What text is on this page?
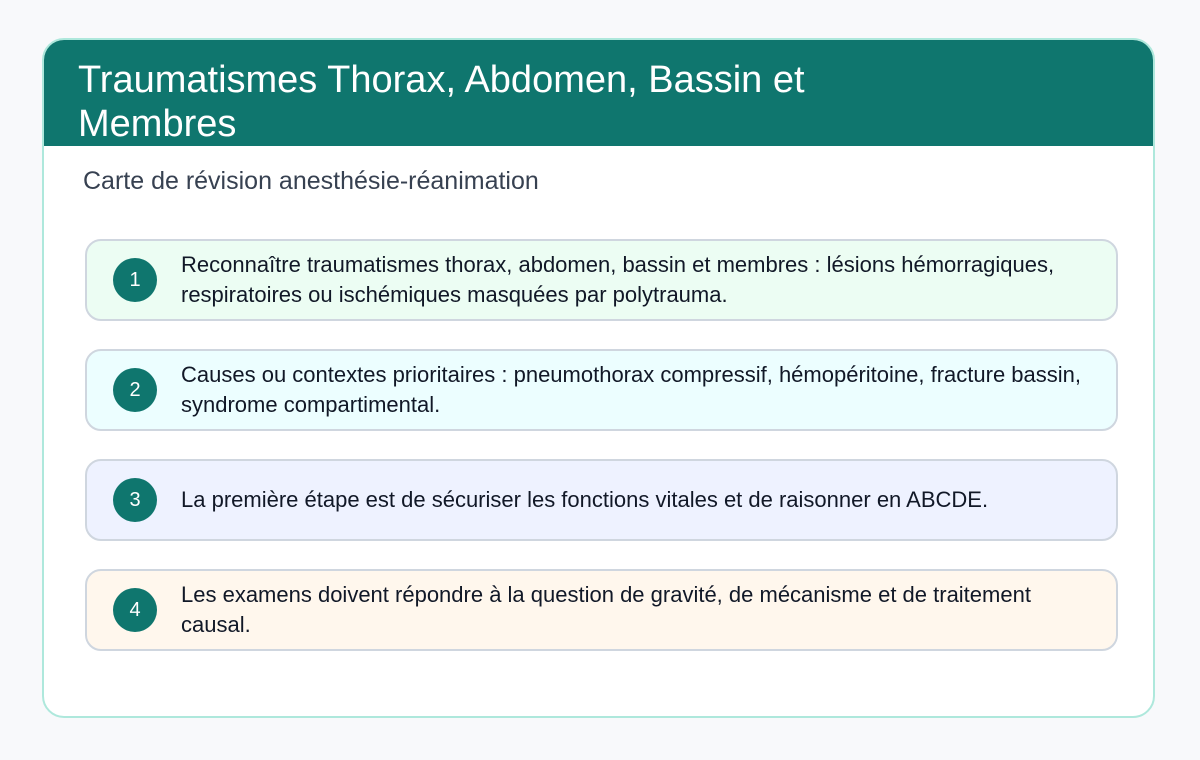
Traumatismes Thorax, Abdomen, Bassin et Membres
Carte de révision anesthésie-réanimation
1
Reconnaître traumatismes thorax, abdomen, bassin et membres : lésions hémorragiques, respiratoires ou ischémiques masquées par polytrauma.
2
Causes ou contextes prioritaires : pneumothorax compressif, hémopéritoine, fracture bassin, syndrome compartimental.
3	La première étape est de sécuriser les fonctions vitales et de raisonner en ABCDE.
4
Les examens doivent répondre à la question de gravité, de mécanisme et de traitement causal.
